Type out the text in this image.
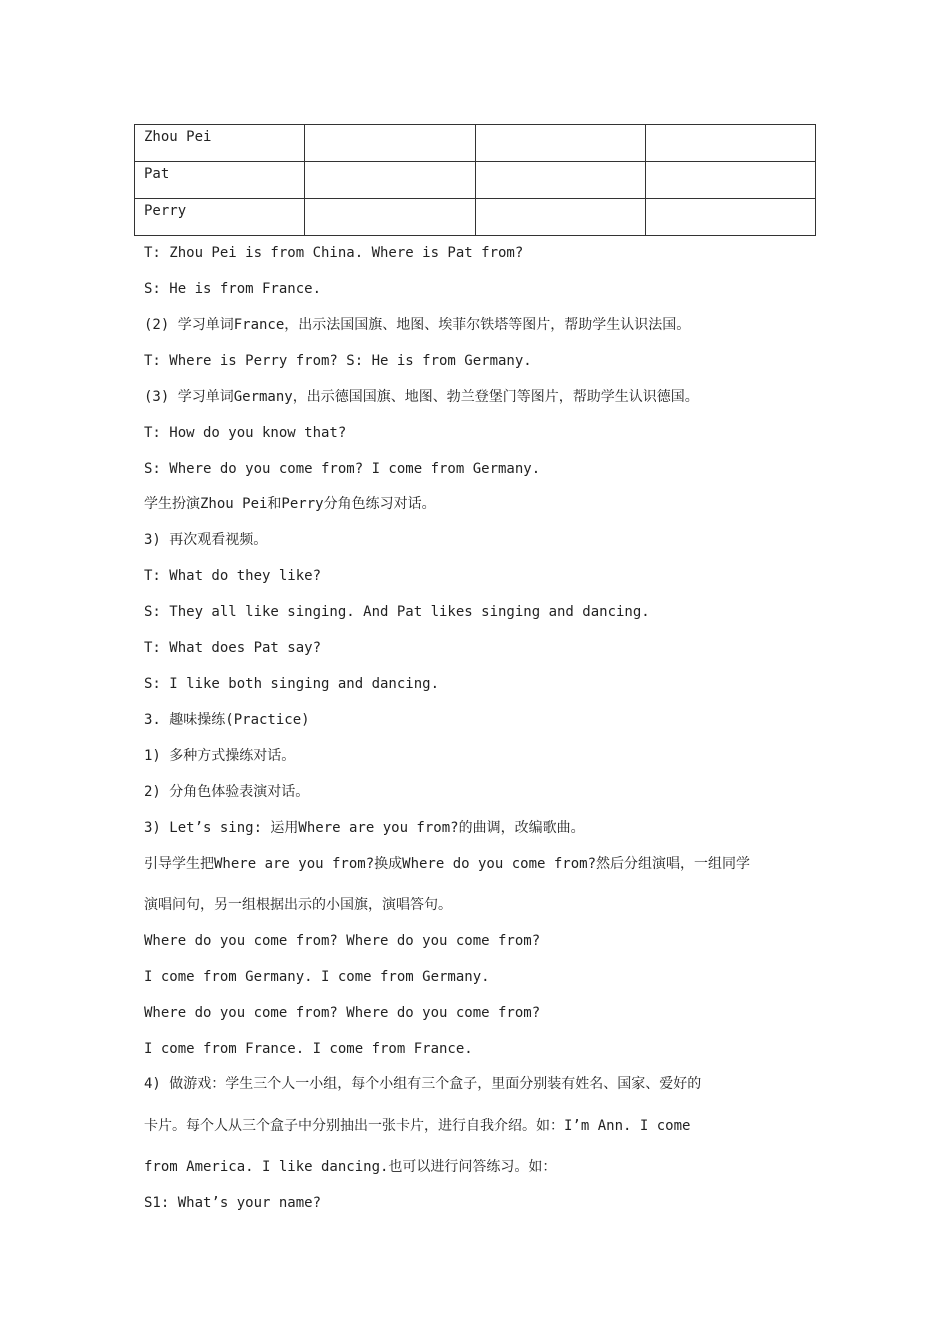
Zhou Pei			
Pat			
Perry			
T: Zhou Pei is from China. Where is Pat from?
S: He is from France.
(2) 学习单词France，出示法国国旗、地图、埃菲尔铁塔等图片，帮助学生认识法国。
T: Where is Perry from? S: He is from Germany.
(3) 学习单词Germany，出示德国国旗、地图、勃兰登堡门等图片，帮助学生认识德国。
T: How do you know that?
S: Where do you come from? I come from Germany.
学生扮演Zhou Pei和Perry分角色练习对话。
3) 再次观看视频。
T: What do they like?
S: They all like singing. And Pat likes singing and dancing.
T: What does Pat say?
S: I like both singing and dancing.
3. 趣味操练(Practice)
1) 多种方式操练对话。
2) 分角色体验表演对话。
3) Let’s sing: 运用Where are you from?的曲调，改编歌曲。
引导学生把Where are you from?换成Where do you come from?然后分组演唱，一组同学
演唱问句，另一组根据出示的小国旗，演唱答句。
Where do you come from? Where do you come from?
I come from Germany. I come from Germany.
Where do you come from? Where do you come from?
I come from France. I come from France.
4) 做游戏：学生三个人一小组，每个小组有三个盒子，里面分别装有姓名、国家、爱好的
卡片。每个人从三个盒子中分别抽出一张卡片，进行自我介绍。如：I’m Ann. I come
from America. I like dancing.也可以进行问答练习。如：
S1: What’s your name?
